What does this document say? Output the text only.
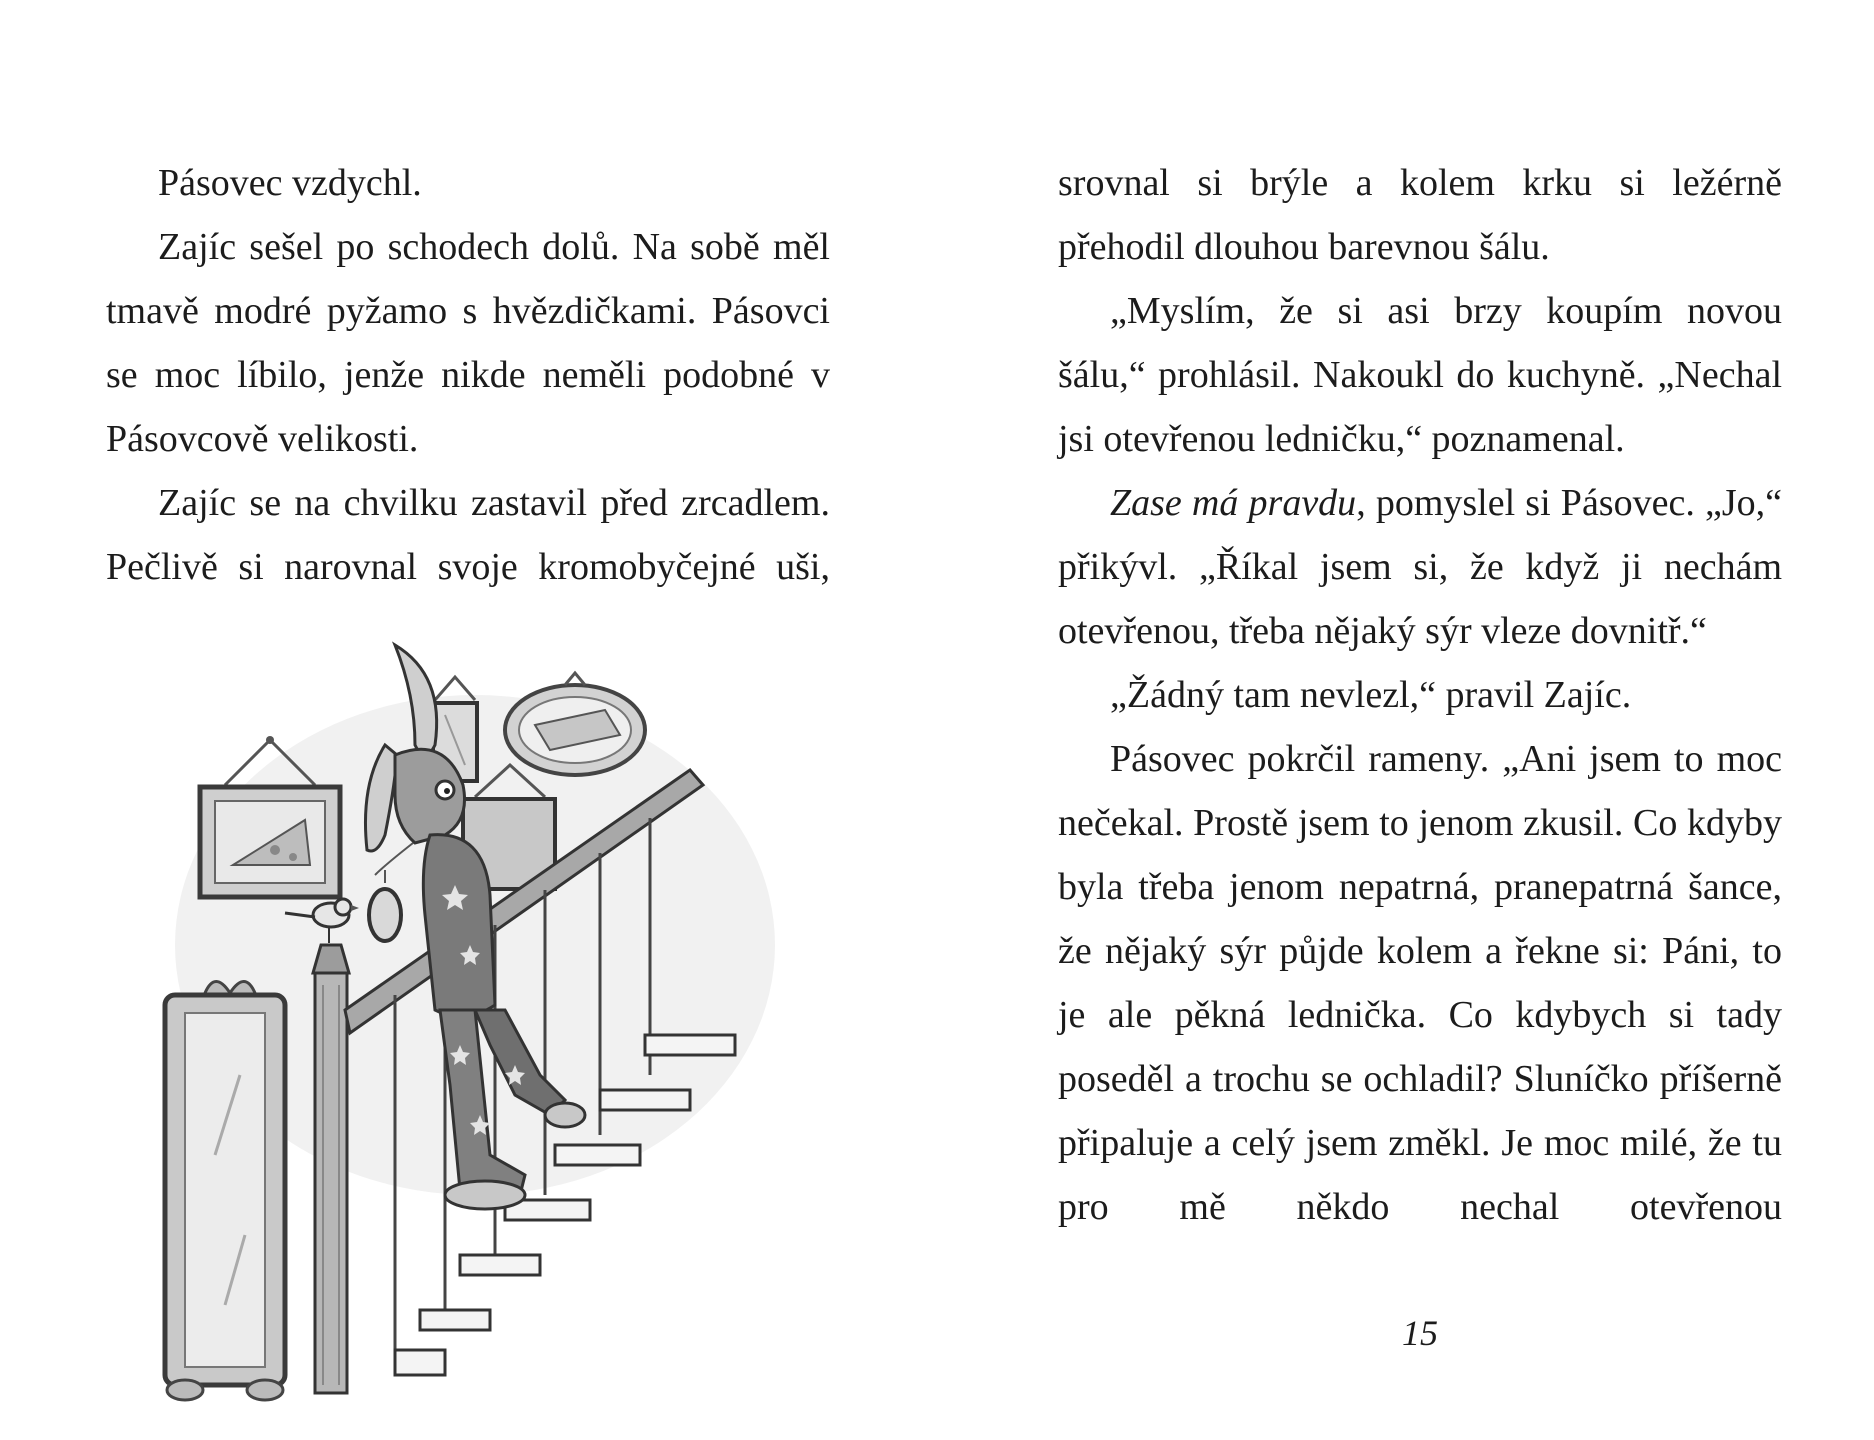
Pásovec vzdychl.

Zajíc sešel po schodech dolů. Na sobě měl tmavě modré pyžamo s hvězdičkami. Pásovci se moc líbilo, jenže nikde neměli podobné v Pásovcově velikosti.

Zajíc se na chvilku zastavil před zrcadlem. Pečlivě si narovnal svoje kromobyčejné uši,

srovnal si brýle a kolem krku si ležérně přehodil dlouhou barevnou šálu.

„Myslím, že si asi brzy koupím novou šálu,“ prohlásil. Nakoukl do kuchyně. „Nechal jsi otevřenou ledničku,“ poznamenal.

Zase má pravdu, pomyslel si Pásovec. „Jo,“ přikývl. „Říkal jsem si, že když ji nechám otevřenou, třeba nějaký sýr vleze dovnitř.“

„Žádný tam nevlezl,“ pravil Zajíc.

Pásovec pokrčil rameny. „Ani jsem to moc nečekal. Prostě jsem to jenom zkusil. Co kdyby byla třeba jenom nepatrná, pranepatrná šance, že nějaký sýr půjde kolem a řekne si: Páni, to je ale pěkná lednička. Co kdybych si tady poseděl a trochu se ochladil? Sluníčko příšerně připaluje a celý jsem změkl. Je moc milé, že tu pro mě někdo nechal otevřenou

15
